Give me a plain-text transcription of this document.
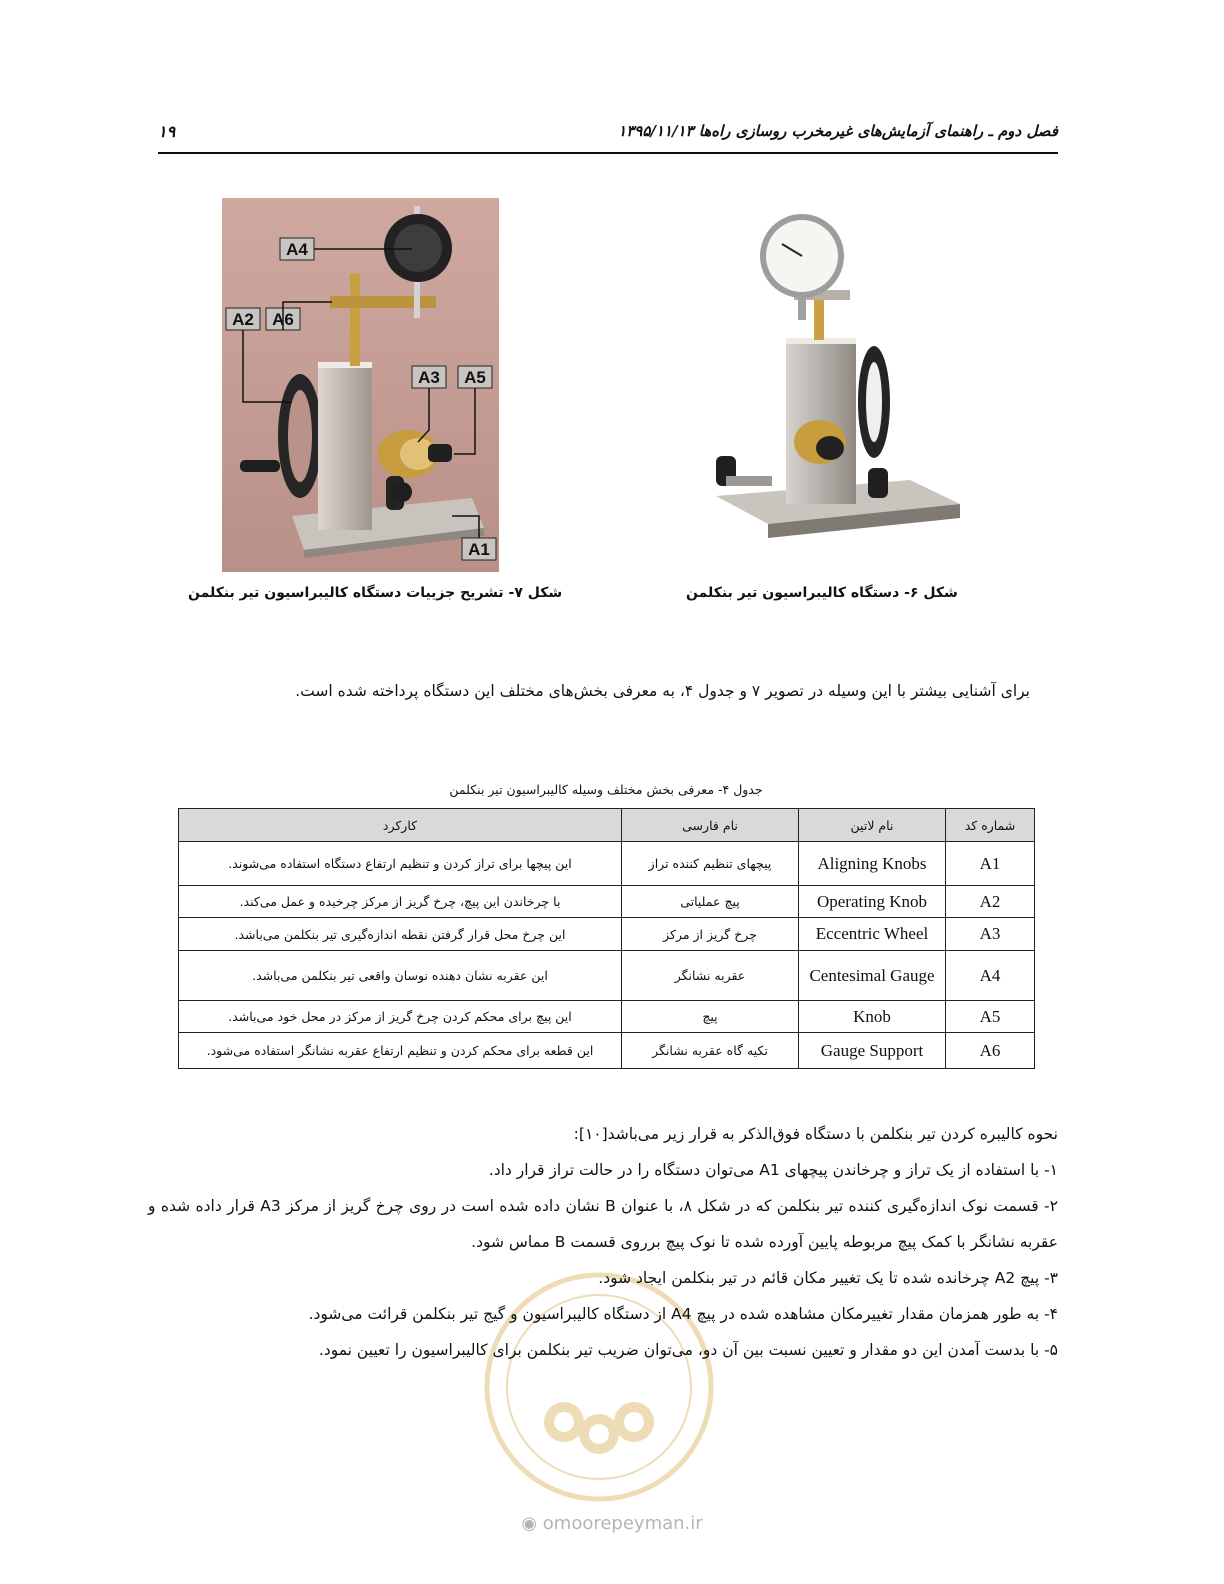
فصل دوم ـ راهنمای آزمایش‌های غیرمخرب روسازی راه‌ها ۱۳۹۵/۱۱/۱۳
۱۹
A4
A2 A6
A3 A5
A1
شکل ۷- تشریح جزییات دستگاه کالیبراسیون تیر بنکلمن	شکل ۶- دستگاه کالیبراسیون تیر بنکلمن
برای آشنایی بیشتر با این وسیله در تصویر ۷ و جدول ۴، به معرفی بخش‌های مختلف این دستگاه پرداخته شده است.
جدول ۴- معرفی بخش مختلف وسیله کالیبراسیون تیر بنکلمن
شماره کد	نام لاتین	نام فارسی	کارکرد
A1	Aligning Knobs	پیچهای تنظیم کننده تراز	این پیچها برای تراز کردن و تنظیم ارتفاع دستگاه استفاده می‌شوند.
A2	Operating Knob	پیچ عملیاتی	با چرخاندن این پیچ، چرخ گریز از مرکز چرخیده و عمل می‌کند.
A3	Eccentric Wheel	چرخ گریز از مرکز	این چرخ محل قرار گرفتن نقطه اندازه‌گیری تیر بنکلمن می‌باشد.
A4	Centesimal Gauge	عقربه نشانگر	این عقربه نشان دهنده نوسان واقعی تیر بنکلمن می‌باشد.
A5	Knob	پیچ	این پیچ برای محکم کردن چرخ گریز از مرکز در محل خود می‌باشد.
A6	Gauge Support	تکیه گاه عقربه نشانگر	این قطعه برای محکم کردن و تنظیم ارتفاع عقربه نشانگر استفاده می‌شود.

نحوه کالیبره کردن تیر بنکلمن با دستگاه فوق‌الذکر به قرار زیر می‌باشد[۱۰]:

۱- با استفاده از یک تراز و چرخاندن پیچهای A1 می‌توان دستگاه را در حالت تراز قرار داد.

۲- قسمت نوک اندازه‌گیری کننده تیر بنکلمن که در شکل ۸، با عنوان B نشان داده شده است در روی چرخ گریز از مرکز A3 قرار داده شده و عقربه نشانگر با کمک پیچ مربوطه پایین آورده شده تا نوک پیچ برروی قسمت B مماس شود.

۳- پیچ A2 چرخانده شده تا یک تغییر مکان قائم در تیر بنکلمن ایجاد شود.

۴- به طور همزمان مقدار تغییرمکان مشاهده شده در پیچ A4 از دستگاه کالیبراسیون و گیج تیر بنکلمن قرائت می‌شود.

۵- با بدست آمدن این دو مقدار و تعیین نسبت بین آن دو، می‌توان ضریب تیر بنکلمن برای کالیبراسیون را تعیین نمود.

◉ omoorepeyman.ir
